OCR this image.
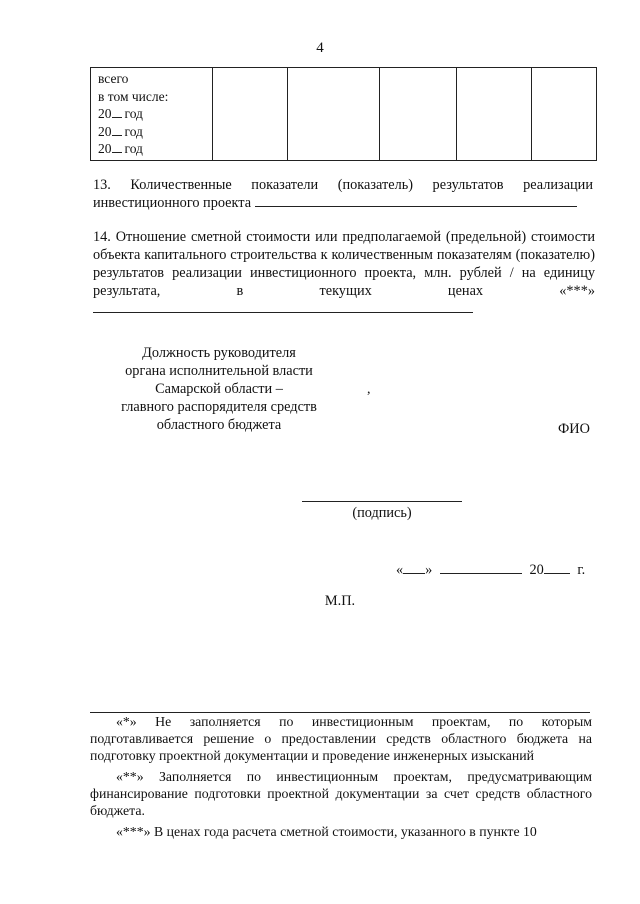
4
всего
в том числе:
20 год
20 год
20 год

13. Количественные показатели (показатель) результатов реализации инвестиционного проекта
14. Отношение сметной стоимости или предполагаемой (предельной) стоимости объекта капитального строительства к количественным показателям (показателю) результатов реализации инвестиционного проекта, млн. рублей / на единицу результата, в текущих ценах «***»
Должность руководителя
органа исполнительной власти
Самарской области –
главного распорядителя средств
областного бюджета
,
ФИО
(подпись)
« »	20 г.
М.П.

«*» Не заполняется по инвестиционным проектам, по которым подготавливается решение о предоставлении средств областного бюджета на подготовку проектной документации и проведение инженерных изысканий

«**» Заполняется по инвестиционным проектам, предусматривающим финансирование подготовки проектной документации за счет средств областного бюджета.

«***» В ценах года расчета сметной стоимости, указанного в пункте 10
